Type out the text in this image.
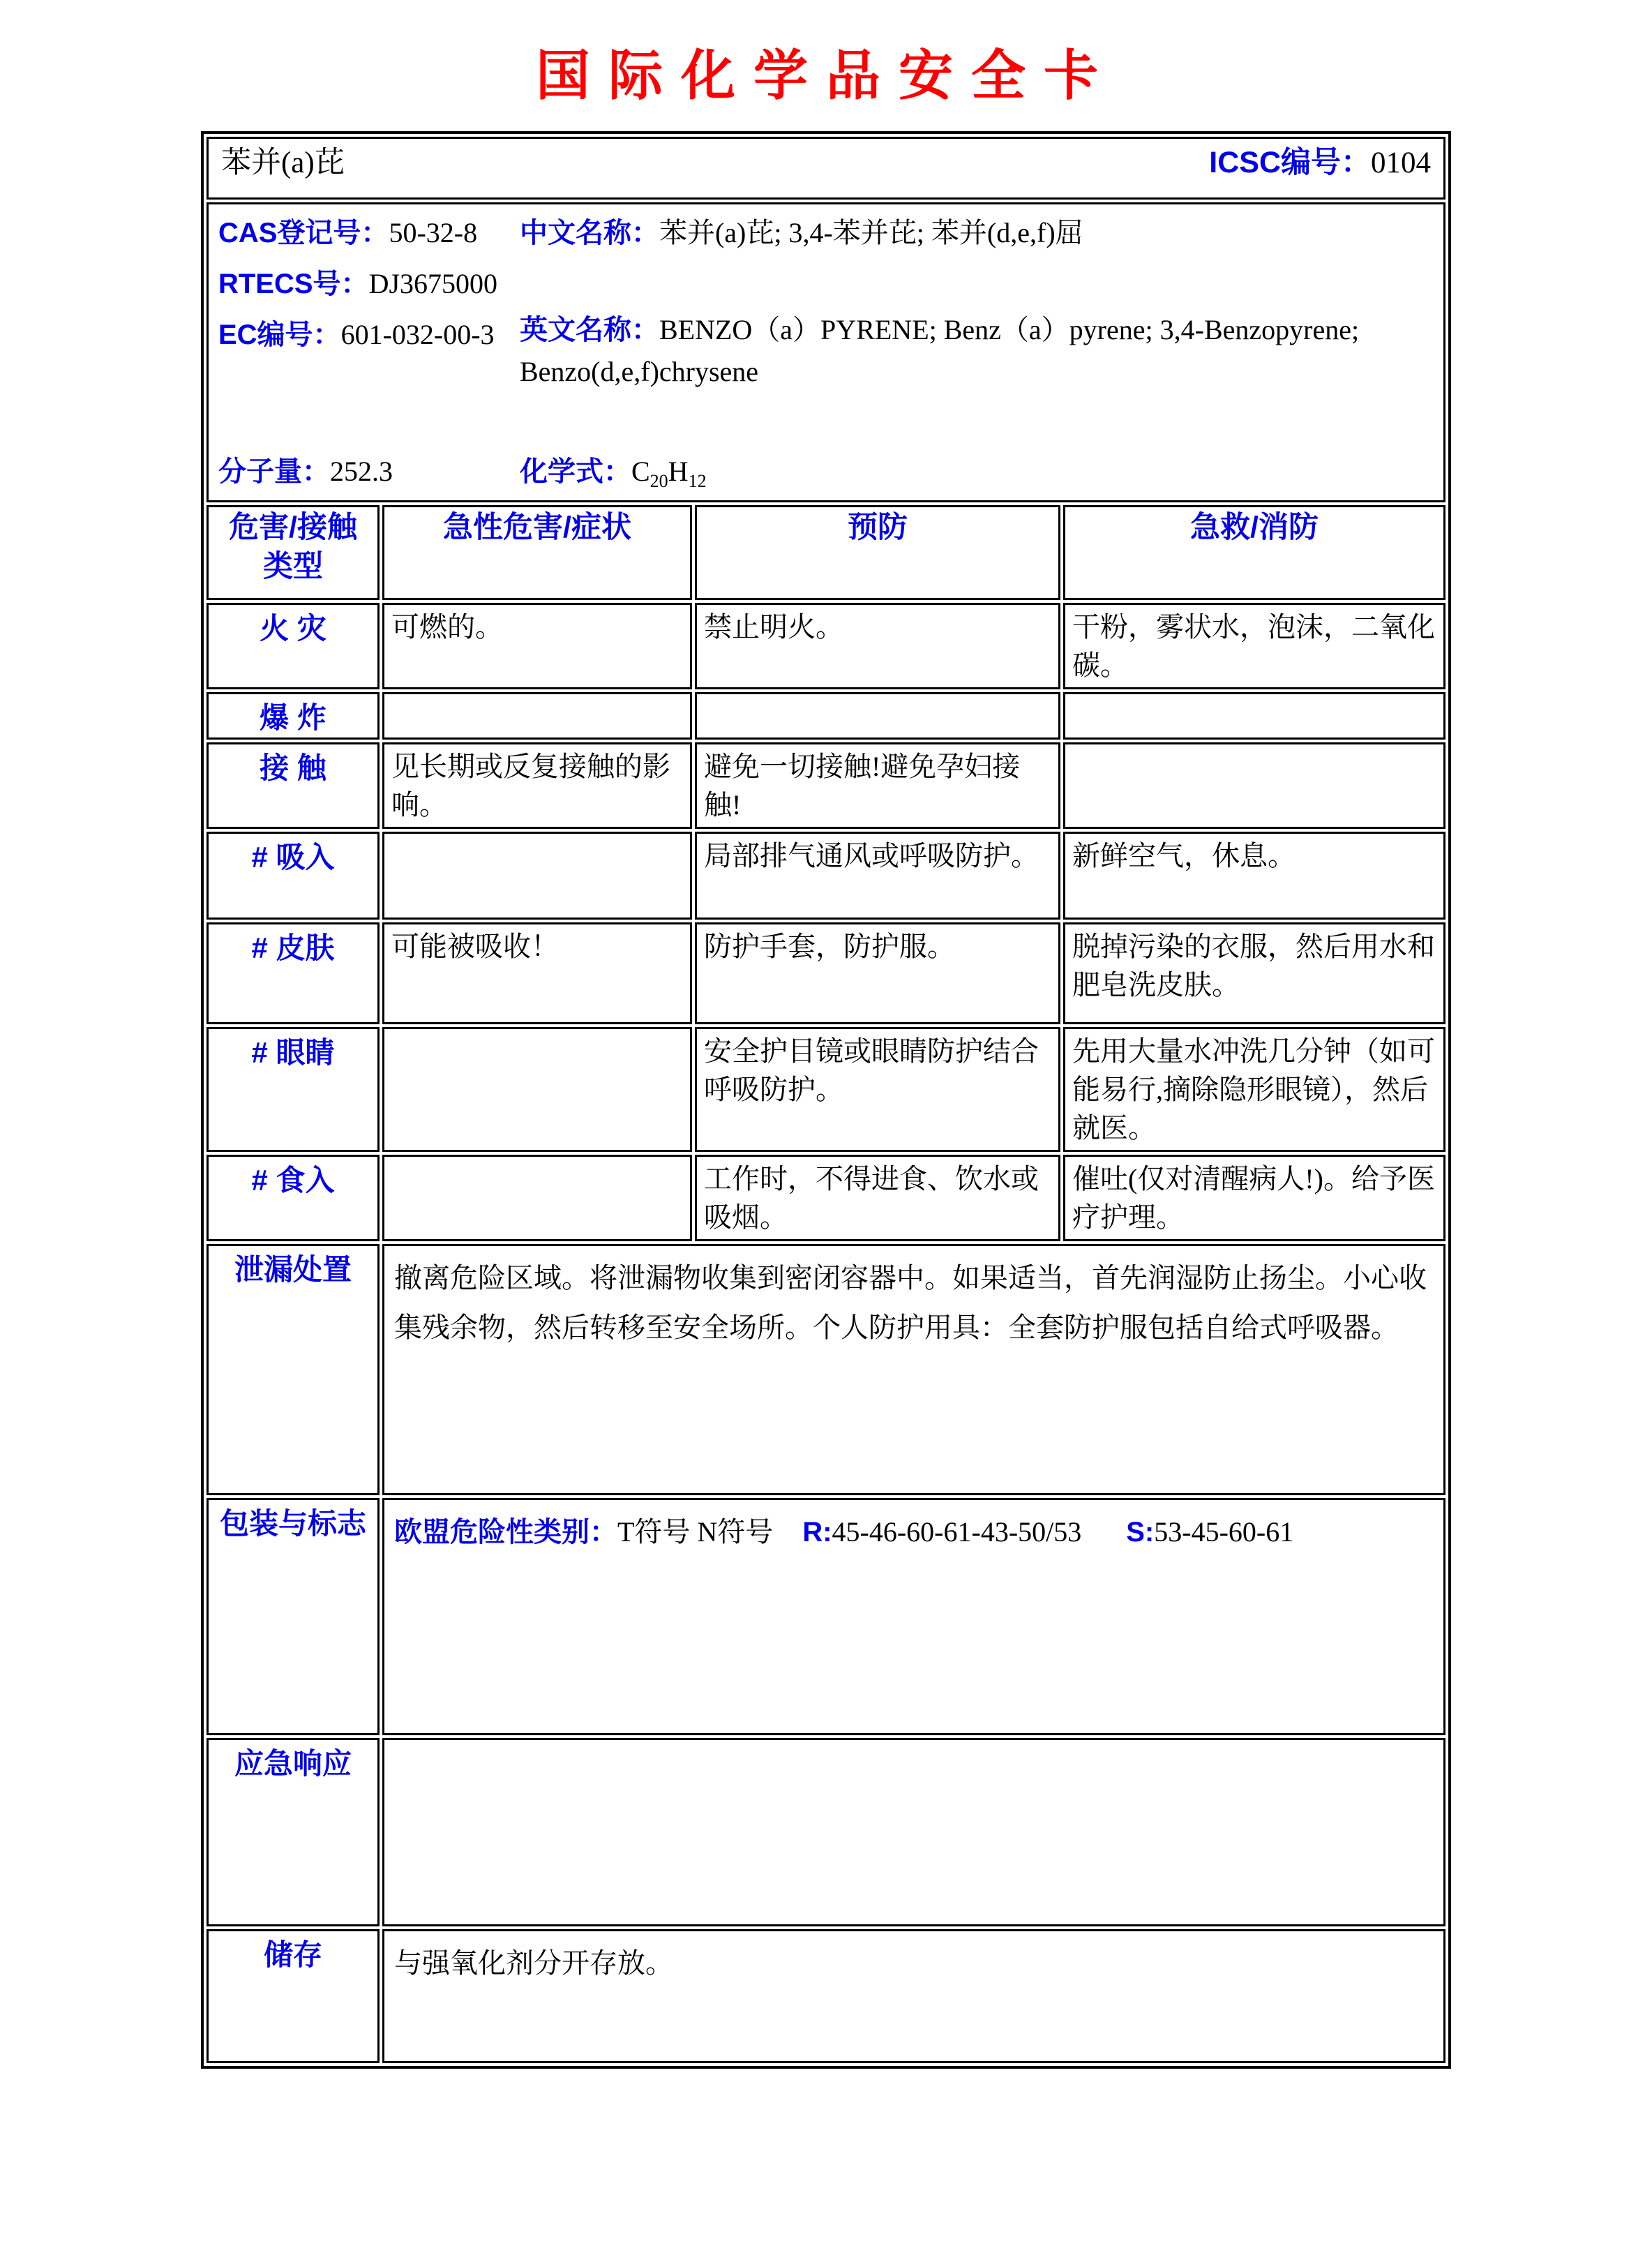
国际化学品安全卡
苯并(a)芘 ICSC编号：0104			

CAS登记号：50-32-8

RTECS号：DJ3675000

EC编号：601-032-00-3

中文名称：苯并(a)芘; 3,4-苯并芘; 苯并(d,e,f)屈

英文名称：BENZO（a）PYRENE; Benz（a）pyrene; 3,4-Benzopyrene; Benzo(d,e,f)chrysene

分子量：252.3	化学式：$C_{20}H_{12}$

危害/接触
类型	急性危害/症状	预防	急救/消防

火 灾	可燃的。	禁止明火。	干粉，雾状水，泡沫，二氧化碳。
爆 炸			
接 触	见长期或反复接触的影响。	避免一切接触!避免孕妇接触!	
# 吸入		局部排气通风或呼吸防护。	新鲜空气，休息。
# 皮肤	可能被吸收！	防护手套，防护服。	脱掉污染的衣服，然后用水和肥皂洗皮肤。
# 眼睛		安全护目镜或眼睛防护结合呼吸防护。	先用大量水冲洗几分钟（如可能易行,摘除隐形眼镜），然后就医。
# 食入		工作时，不得进食、饮水或吸烟。	催吐(仅对清醒病人!)。给予医疗护理。
泄漏处置	撤离危险区域。将泄漏物收集到密闭容器中。如果适当，首先润湿防止扬尘。小心收集残余物，然后转移至安全场所。个人防护用具：全套防护服包括自给式呼吸器。		
包装与标志	欧盟危险性类别：T符号 N符号 R:45-46-60-61-43-50/53 S:53-45-60-61		
应急响应			
储存	与强氧化剂分开存放。		
